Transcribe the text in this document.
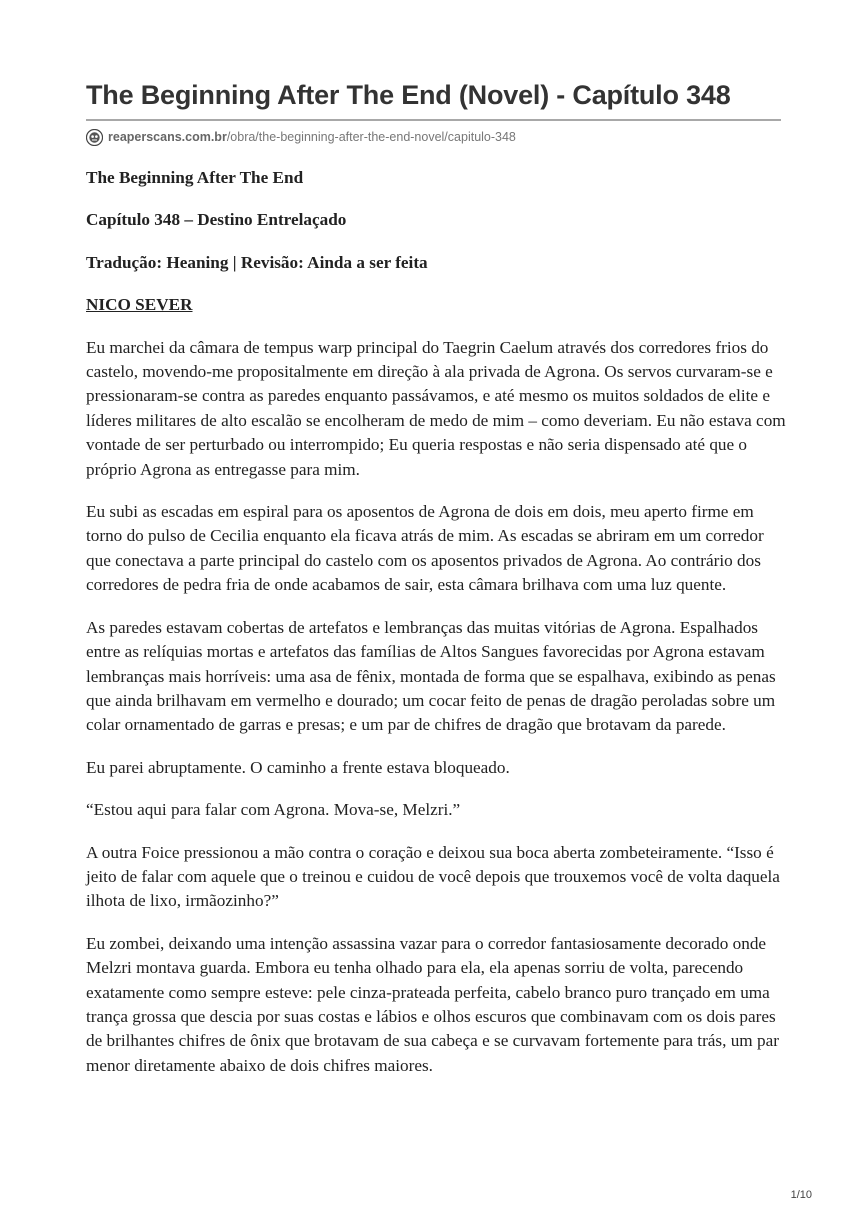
The Beginning After The End (Novel) - Capítulo 348
reaperscans.com.br /obra/the-beginning-after-the-end-novel/capitulo-348

The Beginning After The End

Capítulo 348 – Destino Entrelaçado

Tradução: Heaning | Revisão: Ainda a ser feita

NICO SEVER

Eu marchei da câmara de tempus warp principal do Taegrin Caelum através dos corredores frios do castelo, movendo-me propositalmente em direção à ala privada de Agrona. Os servos curvaram-se e pressionaram-se contra as paredes enquanto passávamos, e até mesmo os muitos soldados de elite e líderes militares de alto escalão se encolheram de medo de mim – como deveriam. Eu não estava com vontade de ser perturbado ou interrompido; Eu queria respostas e não seria dispensado até que o próprio Agrona as entregasse para mim.

Eu subi as escadas em espiral para os aposentos de Agrona de dois em dois, meu aperto firme em torno do pulso de Cecilia enquanto ela ficava atrás de mim. As escadas se abriram em um corredor que conectava a parte principal do castelo com os aposentos privados de Agrona. Ao contrário dos corredores de pedra fria de onde acabamos de sair, esta câmara brilhava com uma luz quente.

As paredes estavam cobertas de artefatos e lembranças das muitas vitórias de Agrona. Espalhados entre as relíquias mortas e artefatos das famílias de Altos Sangues favorecidas por Agrona estavam lembranças mais horríveis: uma asa de fênix, montada de forma que se espalhava, exibindo as penas que ainda brilhavam em vermelho e dourado; um cocar feito de penas de dragão peroladas sobre um colar ornamentado de garras e presas; e um par de chifres de dragão que brotavam da parede.

Eu parei abruptamente. O caminho a frente estava bloqueado.

“Estou aqui para falar com Agrona. Mova-se, Melzri.”

A outra Foice pressionou a mão contra o coração e deixou sua boca aberta zombeteiramente. “Isso é jeito de falar com aquele que o treinou e cuidou de você depois que trouxemos você de volta daquela ilhota de lixo, irmãozinho?”

Eu zombei, deixando uma intenção assassina vazar para o corredor fantasiosamente decorado onde Melzri montava guarda. Embora eu tenha olhado para ela, ela apenas sorriu de volta, parecendo exatamente como sempre esteve: pele cinza-prateada perfeita, cabelo branco puro trançado em uma trança grossa que descia por suas costas e lábios e olhos escuros que combinavam com os dois pares de brilhantes chifres de ônix que brotavam de sua cabeça e se curvavam fortemente para trás, um par menor diretamente abaixo de dois chifres maiores.

1/10
